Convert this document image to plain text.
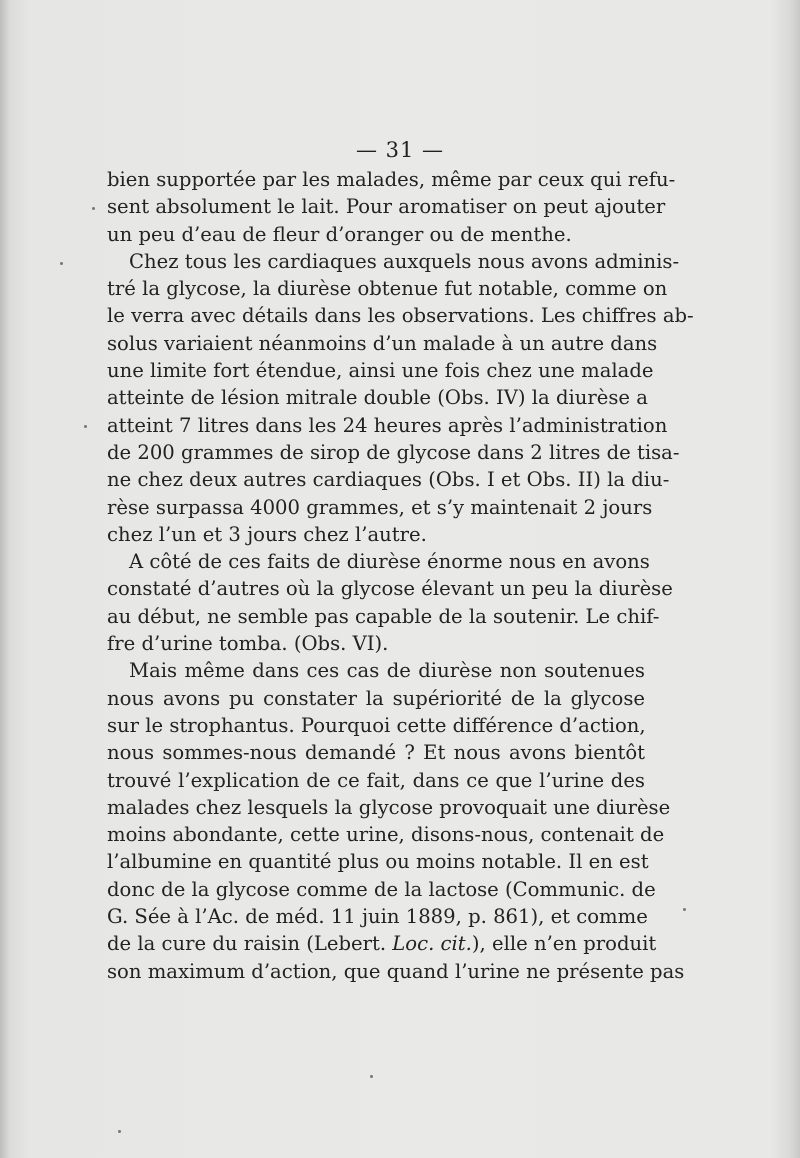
— 31 —
bien supportée par les malades, même par ceux qui refu-
sent absolument le lait. Pour aromatiser on peut ajouter
un peu d’eau de fleur d’oranger ou de menthe.
Chez tous les cardiaques auxquels nous avons adminis-
tré la glycose, la diurèse obtenue fut notable, comme on
le verra avec détails dans les observations. Les chiffres ab-
solus variaient néanmoins d’un malade à un autre dans
une limite fort étendue, ainsi une fois chez une malade
atteinte de lésion mitrale double (Obs. IV) la diurèse a
atteint 7 litres dans les 24 heures après l’administration
de 200 grammes de sirop de glycose dans 2 litres de tisa-
ne chez deux autres cardiaques (Obs. I et Obs. II) la diu-
rèse surpassa 4000 grammes, et s’y maintenait 2 jours
chez l’un et 3 jours chez l’autre.
A côté de ces faits de diurèse énorme nous en avons
constaté d’autres où la glycose élevant un peu la diurèse
au début, ne semble pas capable de la soutenir. Le chif-
fre d’urine tomba. (Obs. VI).
Mais même dans ces cas de diurèse non soutenues
nous avons pu constater la supériorité de la glycose
sur le strophantus. Pourquoi cette différence d’action,
nous sommes-nous demandé ? Et nous avons bientôt
trouvé l’explication de ce fait, dans ce que l’urine des
malades chez lesquels la glycose provoquait une diurèse
moins abondante, cette urine, disons-nous, contenait de
l’albumine en quantité plus ou moins notable. Il en est
donc de la glycose comme de la lactose (Communic. de
G. Sée à l’Ac. de méd. 11 juin 1889, p. 861), et comme
de la cure du raisin (Lebert. Loc. cit.), elle n’en produit
son maximum d’action, que quand l’urine ne présente pas
